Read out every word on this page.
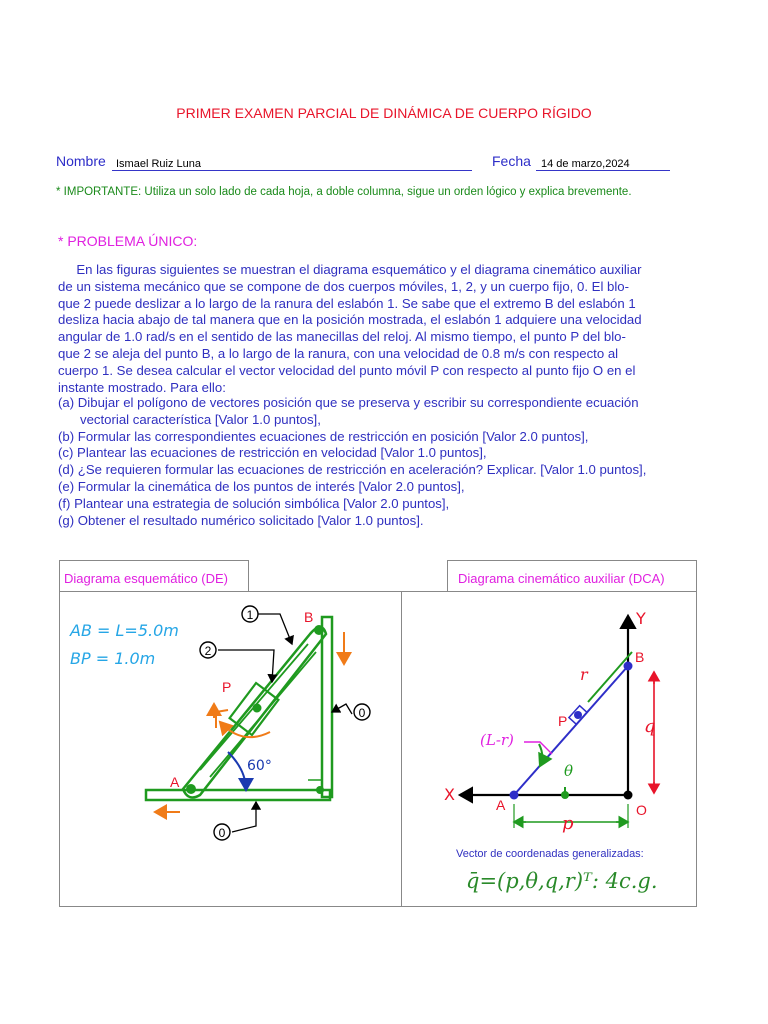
PRIMER EXAMEN PARCIAL DE DINÁMICA DE CUERPO RÍGIDO
Nombre Ismael Ruiz Luna	Fecha 14 de marzo,2024
* IMPORTANTE: Utiliza un solo lado de cada hoja, a doble columna, sigue un orden lógico y explica brevemente.
* PROBLEMA ÚNICO:

En las figuras siguientes se muestran el diagrama esquemático y el diagrama cinemático auxiliar

de un sistema mecánico que se compone de dos cuerpos móviles, 1, 2, y un cuerpo fijo, 0. El blo-

que 2 puede deslizar a lo largo de la ranura del eslabón 1. Se sabe que el extremo B del eslabón 1

desliza hacia abajo de tal manera que en la posición mostrada, el eslabón 1 adquiere una velocidad

angular de 1.0 rad/s en el sentido de las manecillas del reloj. Al mismo tiempo, el punto P del blo-

que 2 se aleja del punto B, a lo largo de la ranura, con una velocidad de 0.8 m/s con respecto al

cuerpo 1. Se desea calcular el vector velocidad del punto móvil P con respecto al punto fijo O en el

instante mostrado. Para ello:

(a) Dibujar el polígono de vectores posición que se preserva y escribir su correspondiente ecuación
vectorial característica [Valor 1.0 puntos],
(b) Formular las correspondientes ecuaciones de restricción en posición [Valor 2.0 puntos],
(c) Plantear las ecuaciones de restricción en velocidad [Valor 1.0 puntos],
(d) ¿Se requieren formular las ecuaciones de restricción en aceleración? Explicar. [Valor 1.0 puntos],
(e) Formular la cinemática de los puntos de interés [Valor 2.0 puntos],
(f) Plantear una estrategia de solución simbólica [Valor 2.0 puntos],
(g) Obtener el resultado numérico solicitado [Valor 1.0 puntos].
Diagrama esquemático (DE)	Diagrama cinemático auxiliar (DCA)
1
2
0
0
AB = L=5.0m
BP = 1.0m
A
B
P
60°
Y
X
B
A
P
O
r
(L-r)
θ
q
p
Vector de coordenadas generalizadas:
q̄=(p,θ,q,r)ᵀ: 4c.g.
